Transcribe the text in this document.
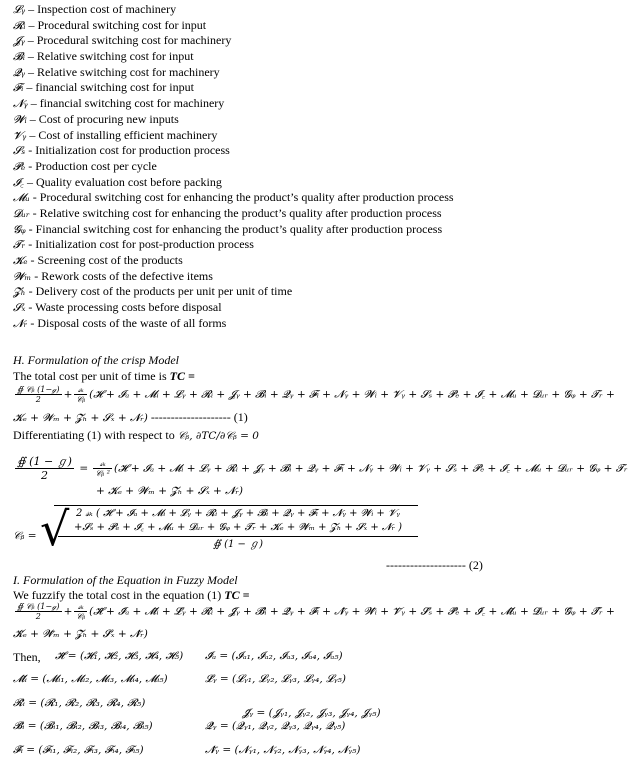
𝓛ᵧ – Inspection cost of machinery
𝓡ᵢ – Procedural switching cost for input
𝓙ᵧ – Procedural switching cost for machinery
𝓑ᵢ – Relative switching cost for input
𝓠ᵧ – Relative switching cost for machinery
𝓕ᵢ – financial switching cost for input
𝓝ᵧ – financial switching cost for machinery
𝓦ᵢ – Cost of procuring new inputs
𝓥ᵧ – Cost of installing efficient machinery
𝓢ₛ - Initialization cost for production process
𝓟ₑ - Production cost per cycle
𝓘꜀ – Quality evaluation cost before packing
𝓜ᵤ - Procedural switching cost for enhancing the product’s quality after production process
𝓓ᵤᵣ - Relative switching cost for enhancing the product’s quality after production process
𝓖ᵩ - Financial switching cost for enhancing the product’s quality after production process
𝓣ᵣ - Initialization cost for post-production process
𝓚ₑ - Screening cost of the products
𝓦ₘ - Rework costs of the defective items
𝓩ₕ - Delivery cost of the products per unit per unit of time
𝓢ₓ - Waste processing costs before disposal
𝓝ᵣ - Disposal costs of the waste of all forms
H. Formulation of the crisp Model
The total cost per unit of time is TC =
$\frac{\text{∯ 𝒞ᵦ (1−ℊ)}}{2} + \frac{\text{𝓈ₖ}}{\text{𝒞ᵦ}}$ (𝓗 + 𝓘ₐ + 𝓜ᵢ + 𝓛ᵧ + 𝓡ᵢ + 𝓙ᵧ + 𝓑ᵢ + 𝓠ᵧ + 𝓕ᵢ + 𝓝ᵧ + 𝓦ᵢ + 𝓥ᵧ + 𝓢ₛ + 𝓟ₑ + 𝓘꜀ + 𝓜ᵤ + 𝓓ᵤᵣ + 𝓖ᵩ + 𝓣ᵣ +
𝓚ₑ + 𝓦ₘ + 𝓩ₕ + 𝓢ₓ + 𝓝ᵣ) -------------------- (1)
Differentiating (1) with respect to 𝒞ᵦ, ∂TC/∂𝒞ᵦ = 0
$\frac{\text{∯ (1 − ℊ)}}{2} = \frac{\text{𝓈ₖ}}{\text{𝒞ᵦ ²}}$ (𝓗 + 𝓘ₐ + 𝓜ᵢ + 𝓛ᵧ + 𝓡ᵢ + 𝓙ᵧ + 𝓑ᵢ + 𝓠ᵧ + 𝓕ᵢ + 𝓝ᵧ + 𝓦ᵢ + 𝓥ᵧ + 𝓢ₛ + 𝓟ₑ + 𝓘꜀ + 𝓜ᵤ + 𝓓ᵤᵣ + 𝓖ᵩ + 𝓣ᵣ
+ 𝓚ₑ + 𝓦ₘ + 𝓩ₕ + 𝓢ₓ + 𝓝ᵣ)
𝒞ᵦ = √ 2 𝓈ₖ ( 𝓗 + 𝓘ₐ + 𝓜ᵢ + 𝓛ᵧ + 𝓡ᵢ + 𝓙ᵧ + 𝓑ᵢ + 𝓠ᵧ + 𝓕ᵢ + 𝓝ᵧ + 𝓦ᵢ + 𝓥ᵧ
+𝓢ₛ + 𝓟ₑ + 𝓘꜀ + 𝓜ᵤ + 𝓓ᵤᵣ + 𝓖ᵩ + 𝓣ᵣ + 𝓚ₑ + 𝓦ₘ + 𝓩ₕ + 𝓢ₓ + 𝓝ᵣ )
∯ (1 − ℊ)
-------------------- (2)
I. Formulation of the Equation in Fuzzy Model
We fuzzify the total cost in the equation (1) TC =
$\frac{\text{∯ 𝒞ᵦ (1−ℊ)}}{2} + \frac{\text{𝓈ₖ}}{\text{𝒞ᵦ}}$ (𝓗̃ + 𝓘̃ₐ + 𝓜̃ᵢ + 𝓛̃ᵧ + 𝓡̃ᵢ + 𝓙̃ᵧ + 𝓑̃ᵢ + 𝓠̃ᵧ + 𝓕̃ᵢ + 𝓝̃ᵧ + 𝓦̃ᵢ + 𝓥̃ᵧ + 𝓢̃ₛ + 𝓟̃ₑ + 𝓘̃꜀ + 𝓜̃ᵤ + 𝓓̃ᵤᵣ + 𝓖̃ᵩ + 𝓣̃ᵣ +
𝓚̃ₑ + 𝓦̃ₘ + 𝓩̃ₕ + 𝓢̃ₓ + 𝓝̃ᵣ)
Then, 𝓗̃ = (𝓗₁, 𝓗₂, 𝓗₃, 𝓗₄, 𝓗₅) 𝓘̃ₐ = (𝓘ₐ₁, 𝓘ₐ₂, 𝓘ₐ₃, 𝓘ₐ₄, 𝓘ₐ₅)
𝓜̃ᵢ = (𝓜ᵢ₁, 𝓜ᵢ₂, 𝓜ᵢ₃, 𝓜ᵢ₄, 𝓜ᵢ₅)	𝓛̃ᵧ = (𝓛ᵧ₁, 𝓛ᵧ₂, 𝓛ᵧ₃, 𝓛ᵧ₄, 𝓛ᵧ₅)
𝓡̃ᵢ = (𝓡₁, 𝓡₂, 𝓡₃, 𝓡₄, 𝓡₅)
𝓙̃ᵧ = (𝓙ᵧ₁, 𝓙ᵧ₂, 𝓙ᵧ₃, 𝓙ᵧ₄, 𝓙ᵧ₅)
𝓑̃ᵢ = (𝓑ᵢ₁, 𝓑ᵢ₂, 𝓑ᵢ₃, 𝓑ᵢ₄, 𝓑ᵢ₅)	𝓠̃ᵧ = (𝓠ᵧ₁, 𝓠ᵧ₂, 𝓠ᵧ₃, 𝓠ᵧ₄, 𝓠ᵧ₅)
𝓕̃ᵢ = (𝓕ᵢ₁, 𝓕ᵢ₂, 𝓕ᵢ₃, 𝓕ᵢ₄, 𝓕ᵢ₅)	𝓝̃ᵧ = (𝓝ᵧ₁, 𝓝ᵧ₂, 𝓝ᵧ₃, 𝓝ᵧ₄, 𝓝ᵧ₅)
